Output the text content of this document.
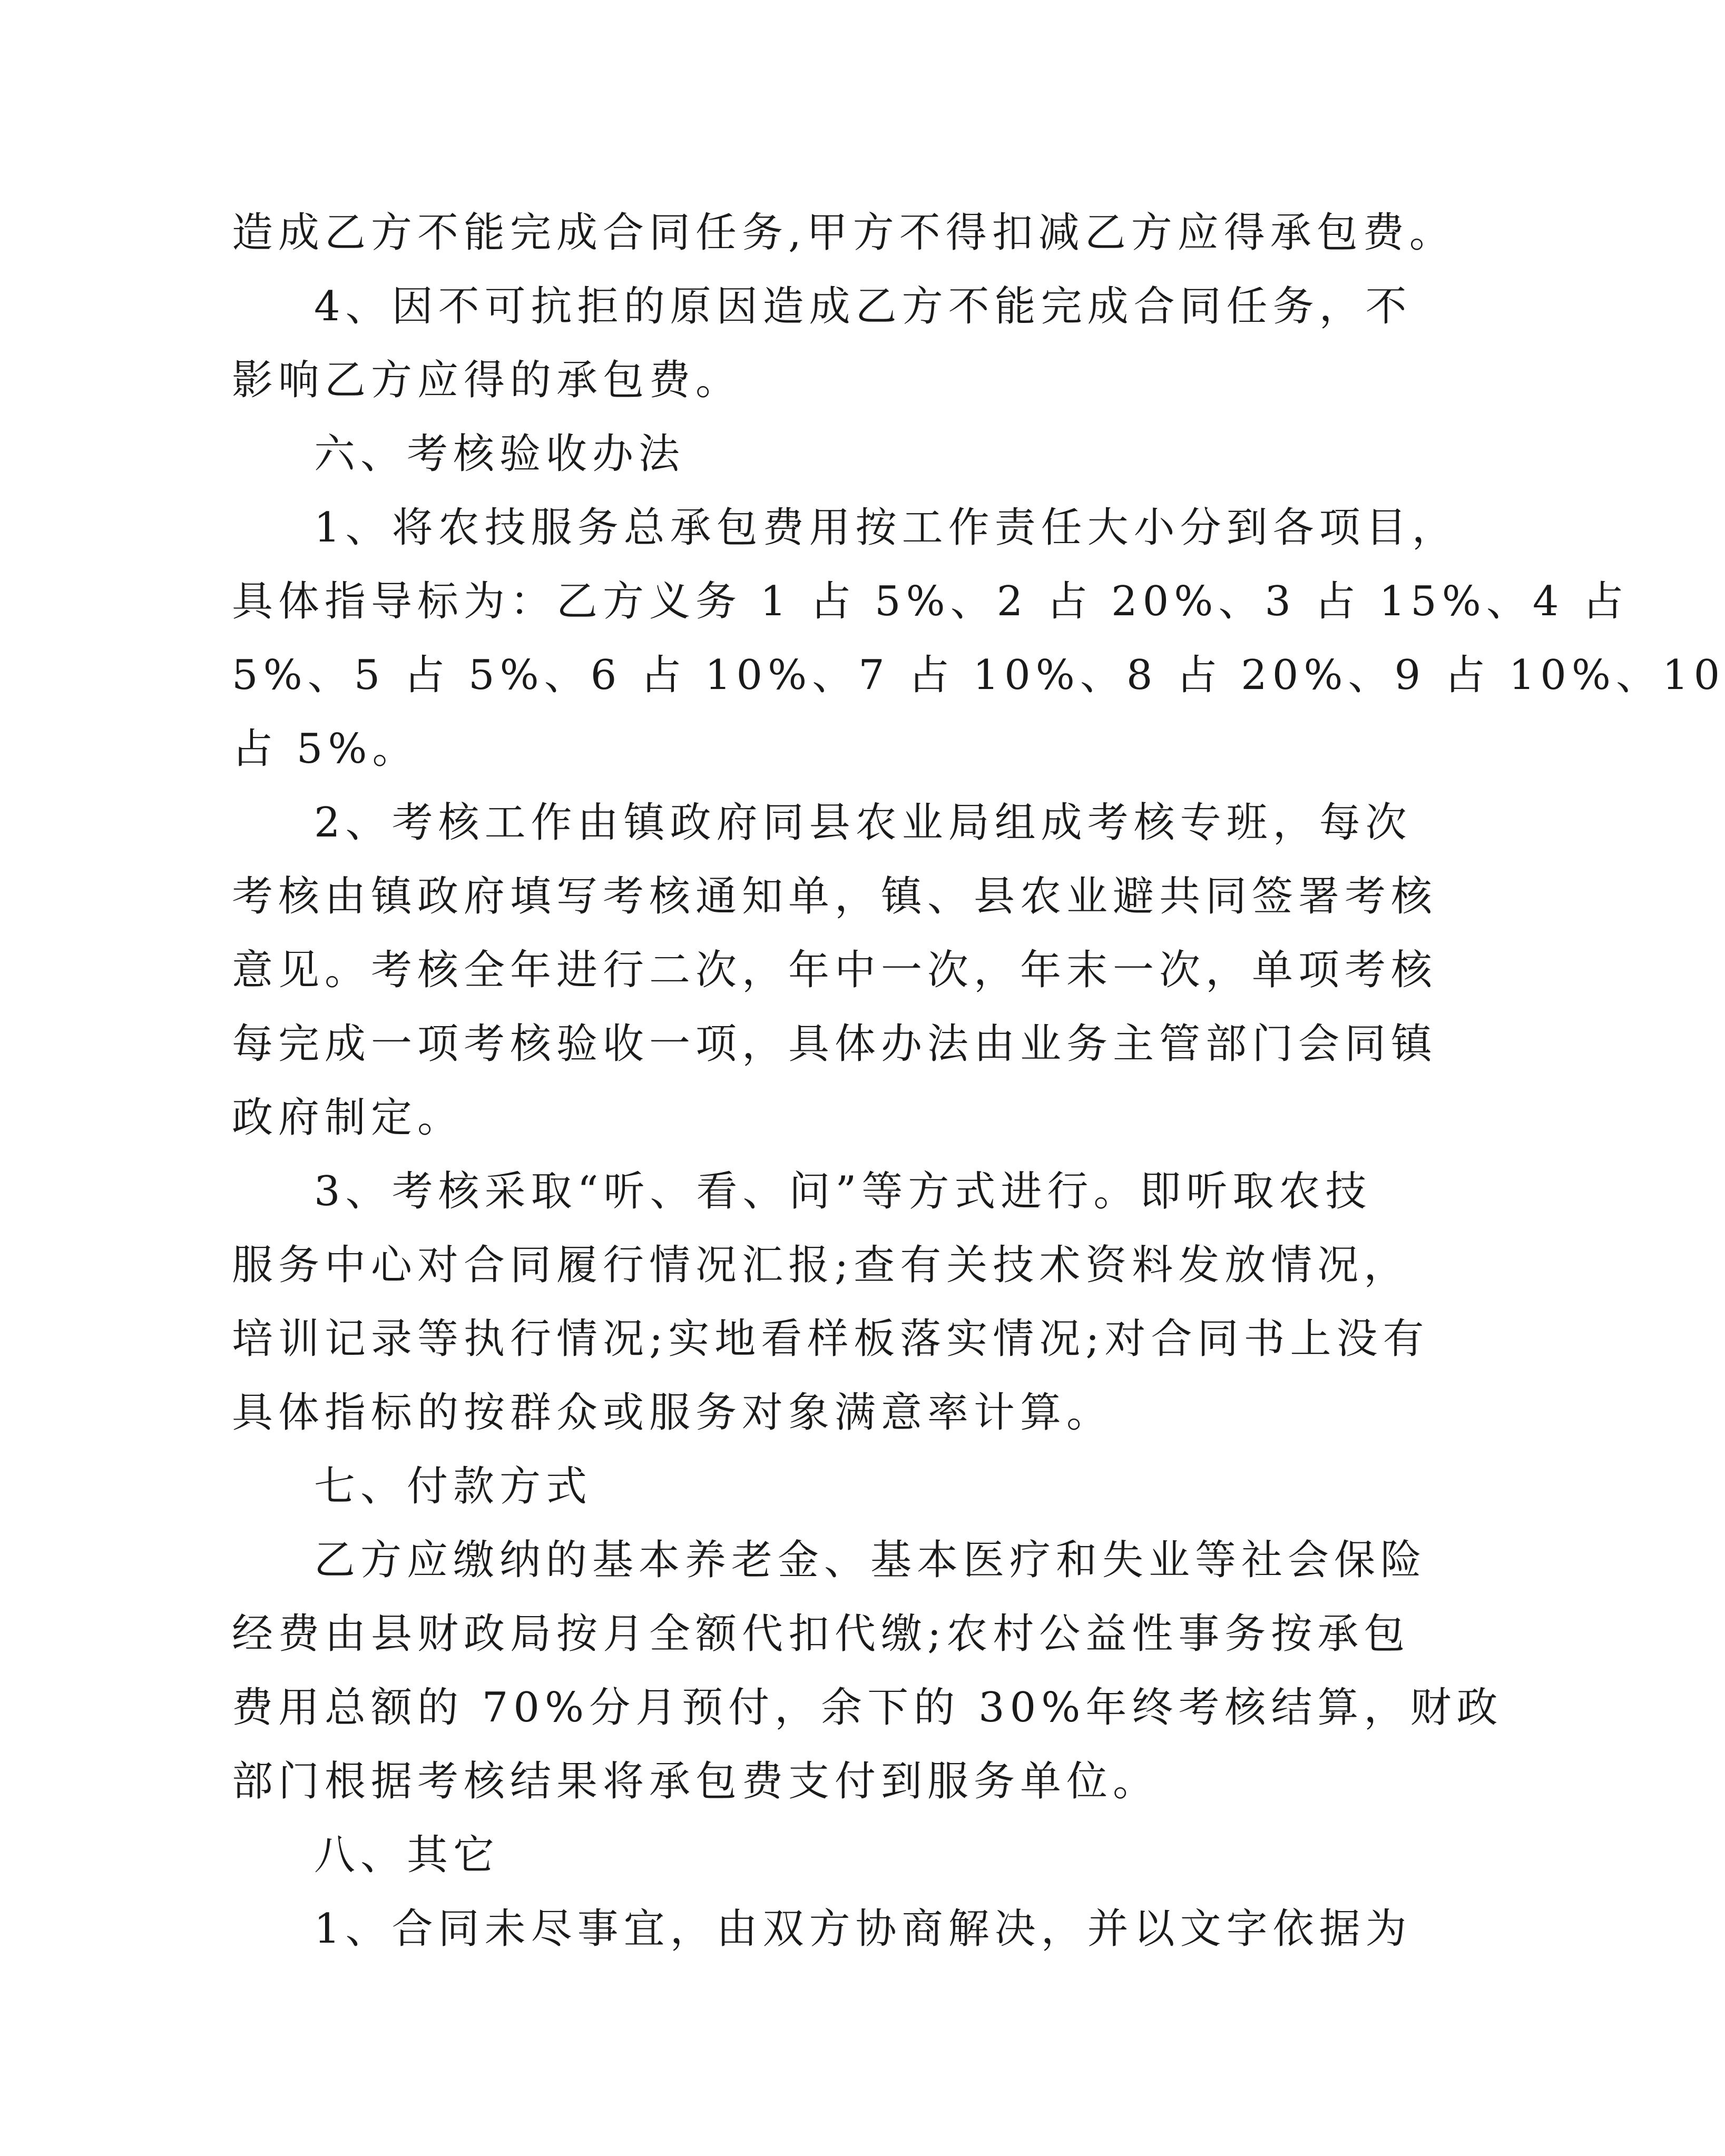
造成乙方不能完成合同任务,甲方不得扣减乙方应得承包费。
4、因不可抗拒的原因造成乙方不能完成合同任务，不
影响乙方应得的承包费。
六、考核验收办法
1、将农技服务总承包费用按工作责任大小分到各项目，
具体指导标为：乙方义务 1 占 5%、2 占 20%、3 占 15%、4 占
5%、5 占 5%、6 占 10%、7 占 10%、8 占 20%、9 占 10%、10
占 5%。
2、考核工作由镇政府同县农业局组成考核专班，每次
考核由镇政府填写考核通知单，镇、县农业避共同签署考核
意见。考核全年进行二次，年中一次，年末一次，单项考核
每完成一项考核验收一项，具体办法由业务主管部门会同镇
政府制定。
3、考核采取“听、看、问”等方式进行。即听取农技
服务中心对合同履行情况汇报;查有关技术资料发放情况，
培训记录等执行情况;实地看样板落实情况;对合同书上没有
具体指标的按群众或服务对象满意率计算。
七、付款方式
乙方应缴纳的基本养老金、基本医疗和失业等社会保险
经费由县财政局按月全额代扣代缴;农村公益性事务按承包
费用总额的 70%分月预付，余下的 30%年终考核结算，财政
部门根据考核结果将承包费支付到服务单位。
八、其它
1、合同未尽事宜，由双方协商解决，并以文字依据为
